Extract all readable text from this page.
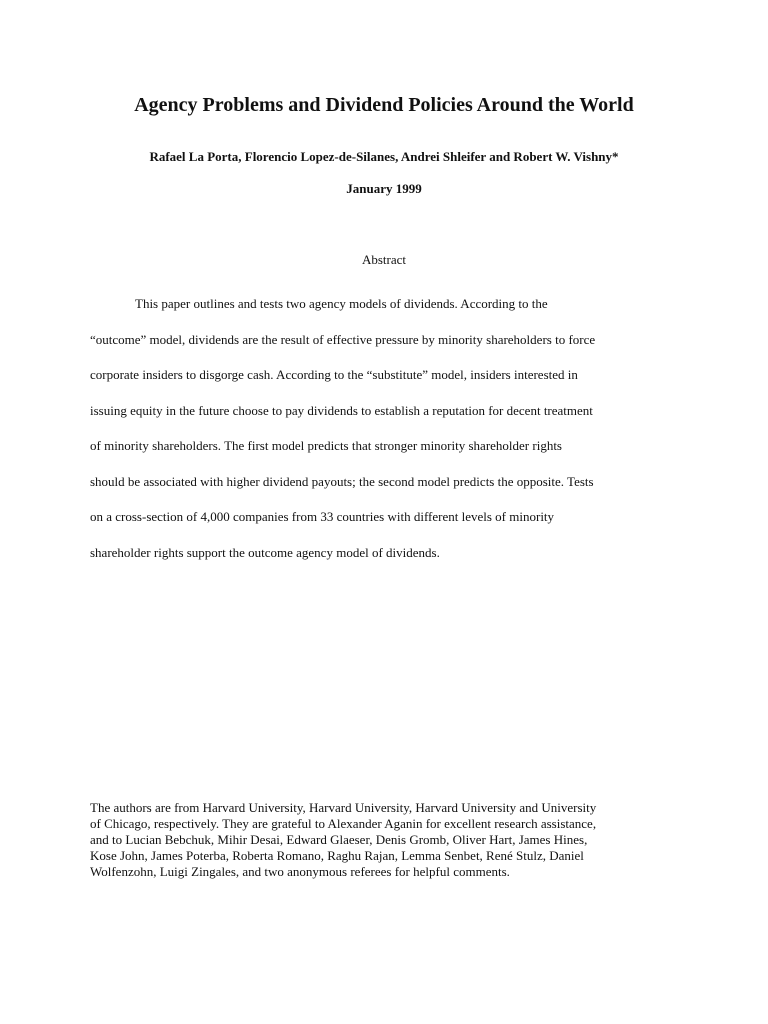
Agency Problems and Dividend Policies Around the World
Rafael La Porta, Florencio Lopez-de-Silanes, Andrei Shleifer and Robert W. Vishny*
January 1999
Abstract
This paper outlines and tests two agency models of dividends. According to the
“outcome” model, dividends are the result of effective pressure by minority shareholders to force
corporate insiders to disgorge cash. According to the “substitute” model, insiders interested in
issuing equity in the future choose to pay dividends to establish a reputation for decent treatment
of minority shareholders. The first model predicts that stronger minority shareholder rights
should be associated with higher dividend payouts; the second model predicts the opposite. Tests
on a cross-section of 4,000 companies from 33 countries with different levels of minority
shareholder rights support the outcome agency model of dividends.
The authors are from Harvard University, Harvard University, Harvard University and University
of Chicago, respectively. They are grateful to Alexander Aganin for excellent research assistance,
and to Lucian Bebchuk, Mihir Desai, Edward Glaeser, Denis Gromb, Oliver Hart, James Hines,
Kose John, James Poterba, Roberta Romano, Raghu Rajan, Lemma Senbet, René Stulz, Daniel
Wolfenzohn, Luigi Zingales, and two anonymous referees for helpful comments.
